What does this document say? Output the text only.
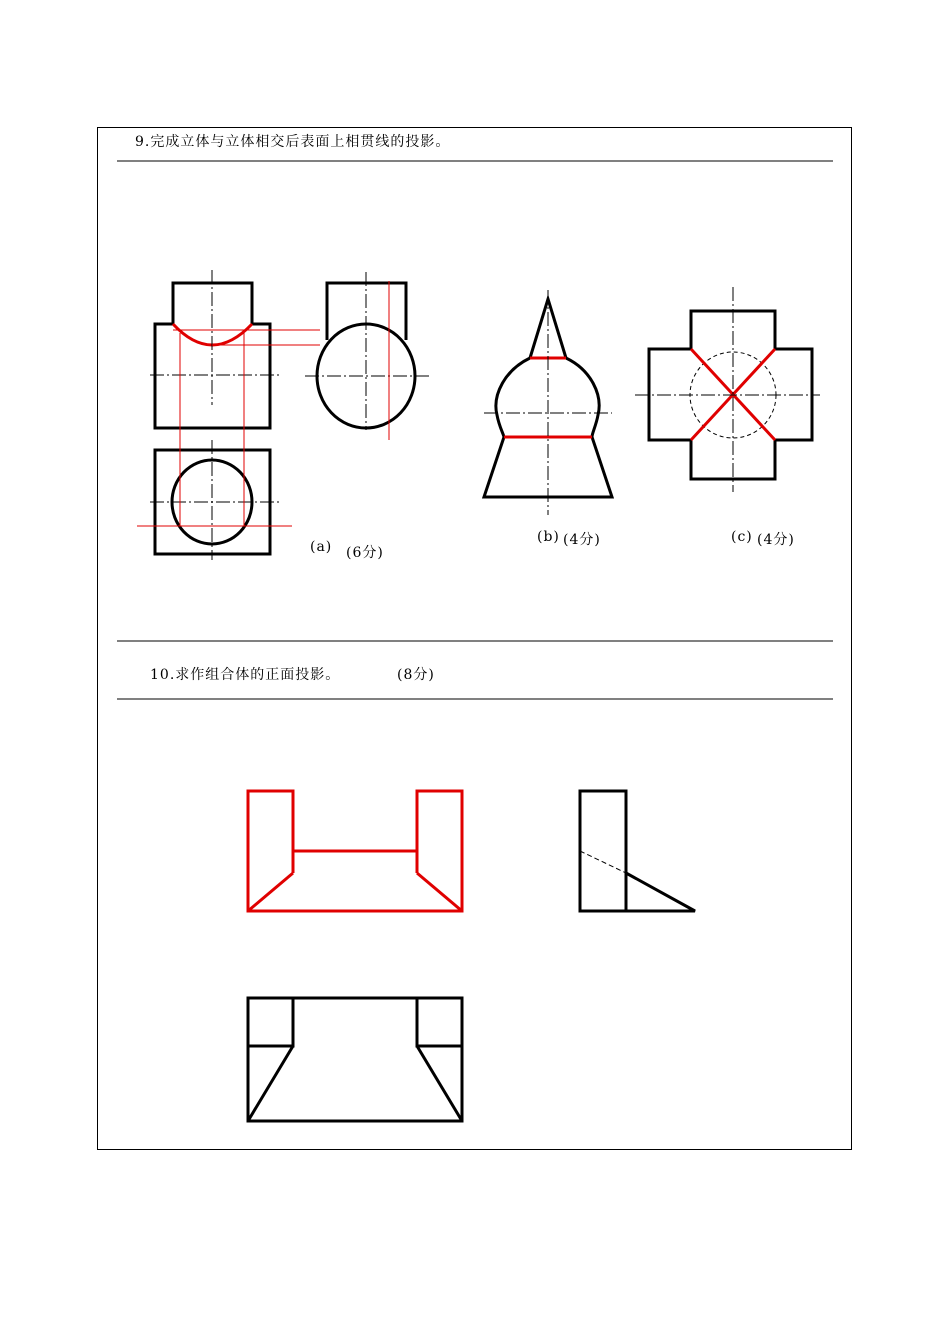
9.完成立体与立体相交后表面上相贯线的投影。
(a) (6分)
(b) (4分)	(c) (4分)
10.求作组合体的正面投影。	(8分)
